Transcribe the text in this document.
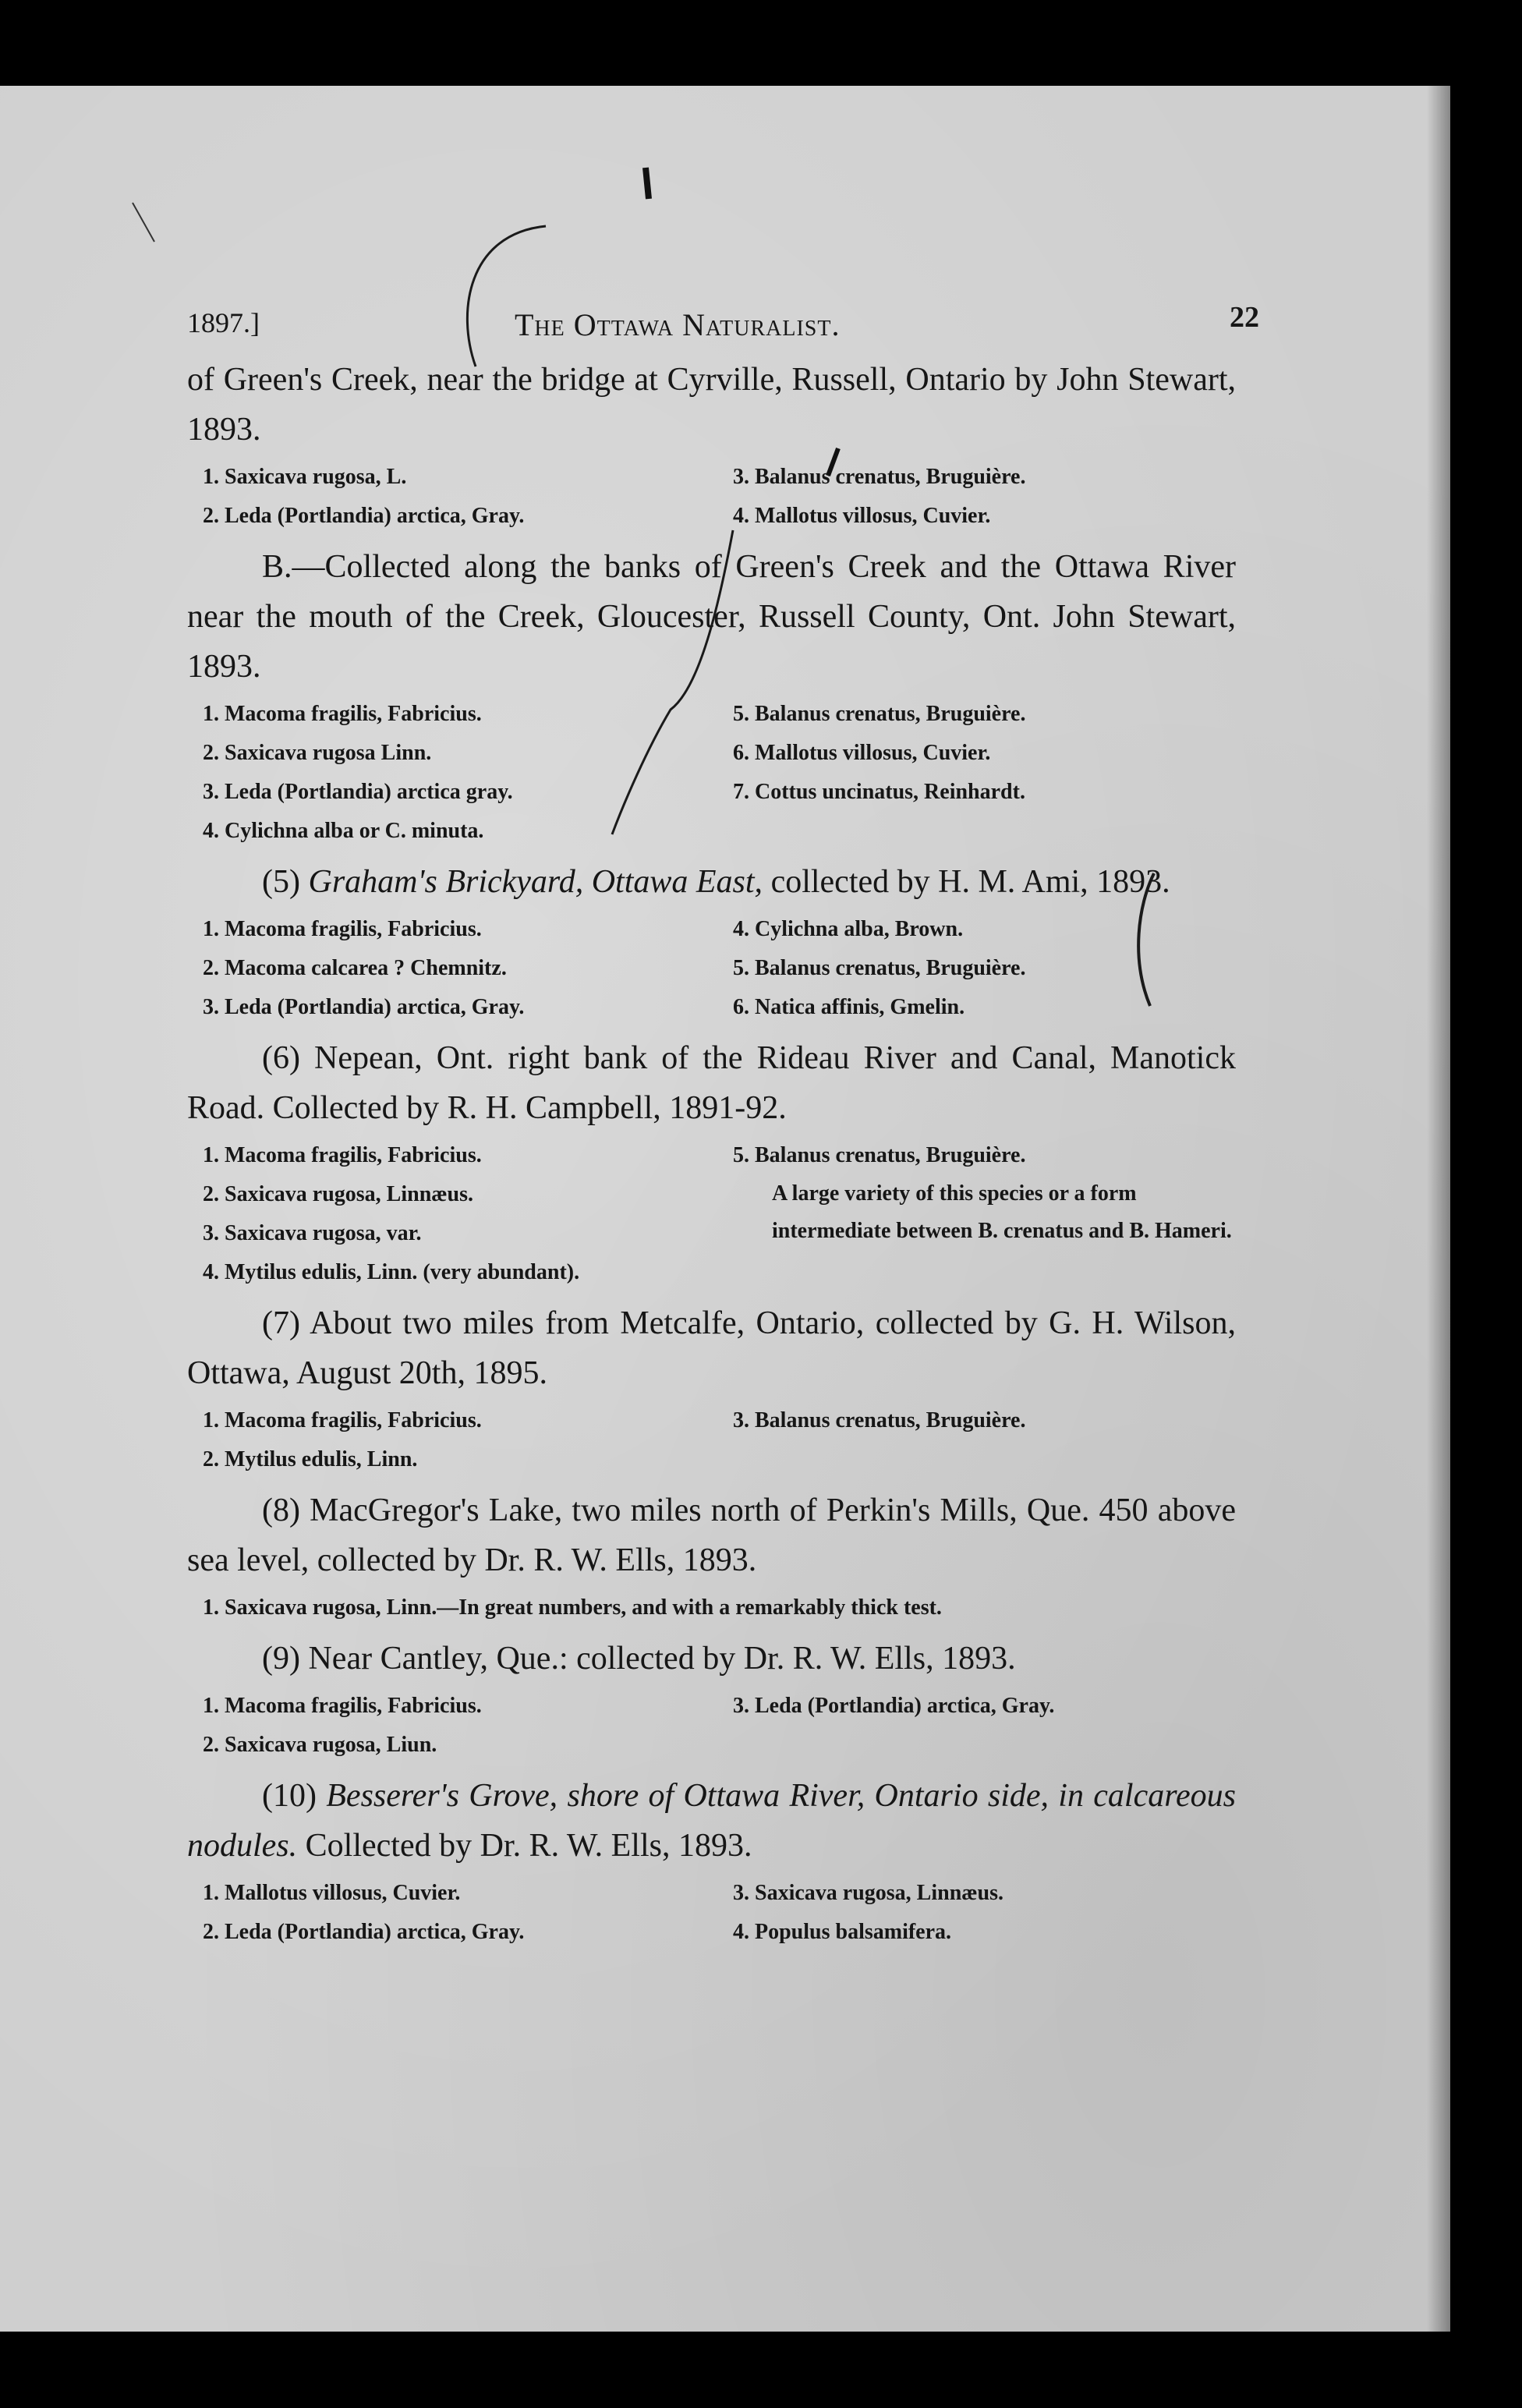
1897.]	The Ottawa Naturalist.	22

of Green's Creek, near the bridge at Cyrville, Russell, Ontario by John Stewart, 1893.

1. Saxicava rugosa, L.	3. Balanus crenatus, Bruguière.
2. Leda (Portlandia) arctica, Gray.	4. Mallotus villosus, Cuvier.

B.—Collected along the banks of Green's Creek and the Ottawa River near the mouth of the Creek, Gloucester, Russell County, Ont. John Stewart, 1893.

1. Macoma fragilis, Fabricius.	5. Balanus crenatus, Bruguière.
2. Saxicava rugosa Linn.	6. Mallotus villosus, Cuvier.
3. Leda (Portlandia) arctica gray.	7. Cottus uncinatus, Reinhardt.
4. Cylichna alba or C. minuta.

(5) Graham's Brickyard, Ottawa East, collected by H. M. Ami, 1893.

1. Macoma fragilis, Fabricius.	4. Cylichna alba, Brown.
2. Macoma calcarea ? Chemnitz.	5. Balanus crenatus, Bruguière.
3. Leda (Portlandia) arctica, Gray.	6. Natica affinis, Gmelin.

(6) Nepean, Ont. right bank of the Rideau River and Canal, Manotick Road. Collected by R. H. Campbell, 1891-92.

1. Macoma fragilis, Fabricius.	5. Balanus crenatus, Bruguière.
2. Saxicava rugosa, Linnæus.	A large variety of this species or a form intermediate between B. crenatus and B. Hameri.
3. Saxicava rugosa, var.
4. Mytilus edulis, Linn. (very abundant).

(7) About two miles from Metcalfe, Ontario, collected by G. H. Wilson, Ottawa, August 20th, 1895.

1. Macoma fragilis, Fabricius.	3. Balanus crenatus, Bruguière.
2. Mytilus edulis, Linn.

(8) MacGregor's Lake, two miles north of Perkin's Mills, Que. 450 above sea level, collected by Dr. R. W. Ells, 1893.

1. Saxicava rugosa, Linn.—In great numbers, and with a remarkably thick test.

(9) Near Cantley, Que.: collected by Dr. R. W. Ells, 1893.

1. Macoma fragilis, Fabricius.	3. Leda (Portlandia) arctica, Gray.
2. Saxicava rugosa, Liun.

(10) Besserer's Grove, shore of Ottawa River, Ontario side, in calcareous nodules. Collected by Dr. R. W. Ells, 1893.

1. Mallotus villosus, Cuvier.	3. Saxicava rugosa, Linnæus.
2. Leda (Portlandia) arctica, Gray.	4. Populus balsamifera.
